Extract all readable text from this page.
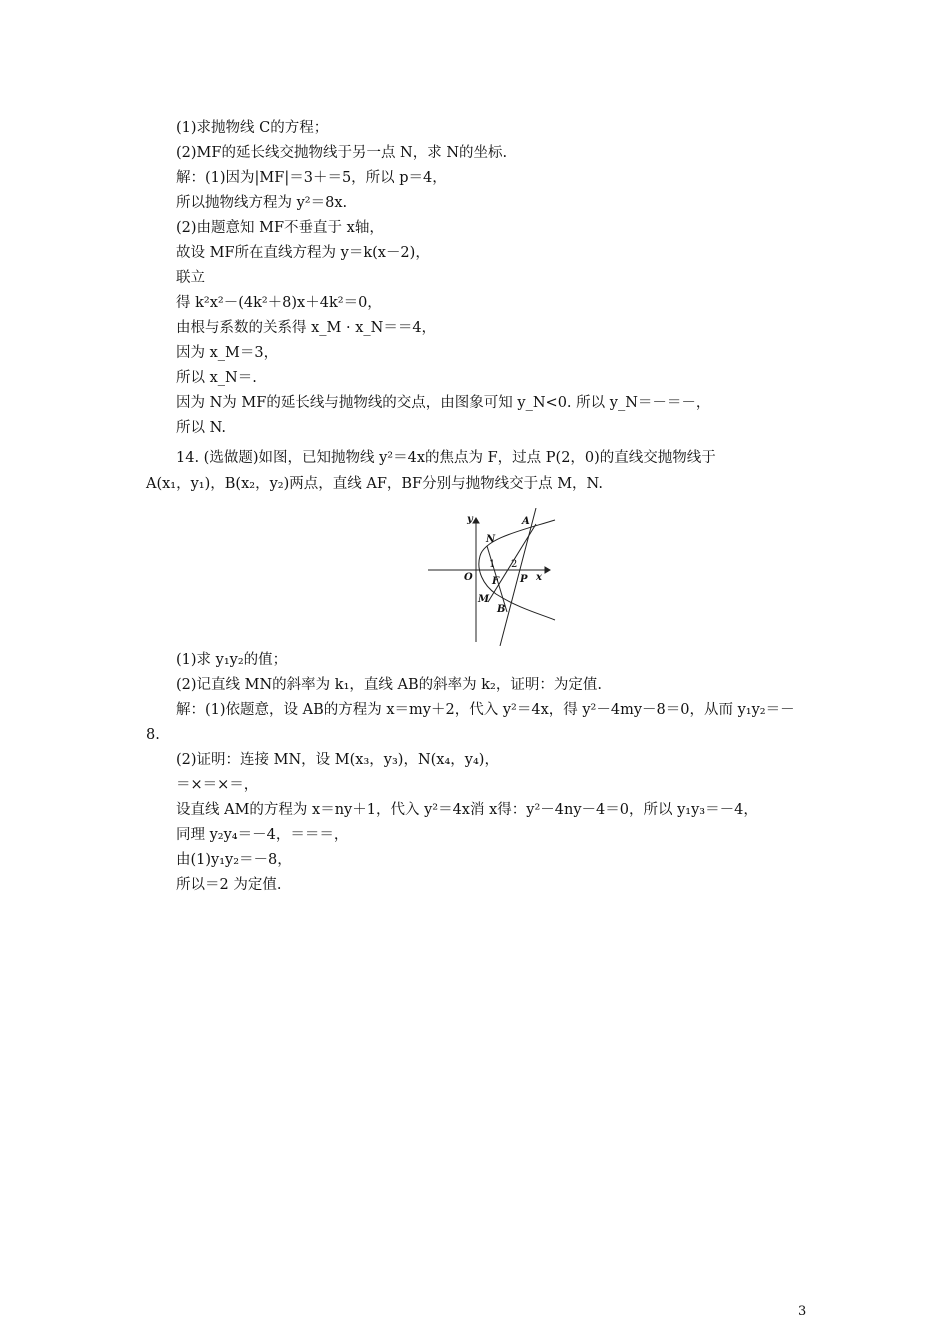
(1)求抛物线 C的方程；
(2)MF的延长线交抛物线于另一点 N，求 N的坐标.
解：(1)因为|MF|＝3＋＝5，所以 p＝4，
所以抛物线方程为 y²＝8x.
(2)由题意知 MF不垂直于 x轴，
故设 MF所在直线方程为 y＝k(x－2)，
联立
得 k²x²－(4k²＋8)x＋4k²＝0，
由根与系数的关系得 x_M · x_N＝＝4，
因为 x_M＝3，
所以 x_N＝.
因为 N为 MF的延长线与抛物线的交点，由图象可知 y_N<0. 所以 y_N＝－＝－，
所以 N.
14. (选做题)如图，已知抛物线 y²＝4x的焦点为 F，过点 P(2，0)的直线交抛物线于
A(x₁，y₁)，B(x₂，y₂)两点，直线 AF，BF分别与抛物线交于点 M，N.
y
x
O
A
N
F P
M
B
1 2
(1)求 y₁y₂的值；
(2)记直线 MN的斜率为 k₁，直线 AB的斜率为 k₂，证明：为定值.
解：(1)依题意，设 AB的方程为 x＝my＋2，代入 y²＝4x，得 y²－4my－8＝0，从而 y₁y₂＝－
8.
(2)证明：连接 MN，设 M(x₃，y₃)，N(x₄，y₄)，
＝×＝×＝，
设直线 AM的方程为 x＝ny＋1，代入 y²＝4x消 x得：y²－4ny－4＝0，所以 y₁y₃＝－4，
同理 y₂y₄＝－4，＝＝＝，
由(1)y₁y₂＝－8，
所以＝2 为定值.
3
